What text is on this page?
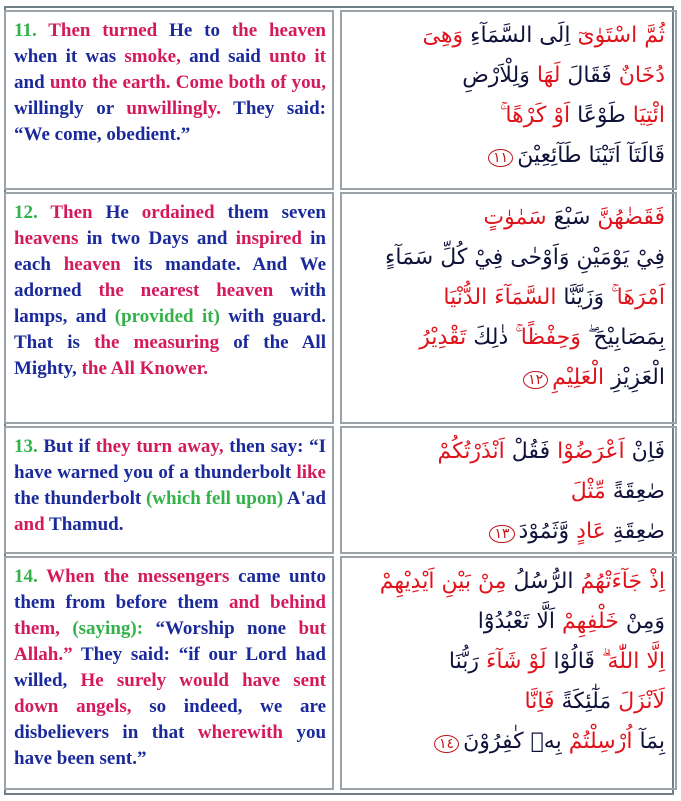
11. Then turned He to the heaven when it was smoke, and said unto it and unto the earth. Come both of you, willingly or unwillingly. They said: “We come, obedient.”
ثُمَّ اسْتَوٰىٓ اِلَى السَّمَآءِ وَهِىَ
دُخَانٌ فَقَالَ لَهَا وَلِلْاَرْضِ
ائْتِيَا طَوْعًا اَوْ كَرْهًا ۚ
قَالَتَآ اَتَيْنَا طَآئِعِيْنَ١١
12. Then He ordained them seven heavens in two Days and inspired in each heaven its mandate. And We adorned the nearest heaven with lamps, and (provided it) with guard. That is the measuring of the All Mighty, the All Knower.
فَقَضٰهُنَّ سَبْعَ سَمٰوٰتٍ
فِيْ يَوْمَيْنِ وَاَوْحٰى فِيْ كُلِّ سَمَآءٍ
اَمْرَهَا ۚ وَزَيَّنَّا السَّمَآءَ الدُّنْيَا
بِمَصَابِيْحَ ۖ وَحِفْظًا ۚ ذٰلِكَ تَقْدِيْرُ
الْعَزِيْزِ الْعَلِيْمِ١٢
13. But if they turn away, then say: “I have warned you of a thunderbolt like the thunderbolt (which fell upon) A'ad and Thamud.
فَاِنْ اَعْرَضُوْا فَقُلْ اَنْذَرْتُكُمْ
صٰعِقَةً مِّثْلَ
صٰعِقَةِ عَادٍ وَّثَمُوْدَ١٣
14. When the messengers came unto them from before them and behind them, (saying): “Worship none but Allah.” They said: “if our Lord had willed, He surely would have sent down angels, so indeed, we are disbelievers in that wherewith you have been sent.”
اِذْ جَآءَتْهُمُ الرُّسُلُ مِنْ بَيْنِ اَيْدِيْهِمْ
وَمِنْ خَلْفِهِمْ اَلَّا تَعْبُدُوْٓا
اِلَّا اللّٰهَ ۗ قَالُوْا لَوْ شَآءَ رَبُّنَا
لَاَنْزَلَ مَلٰٓئِكَةً فَاِنَّا
بِمَآ اُرْسِلْتُمْ بِهٖ كٰفِرُوْنَ١٤
